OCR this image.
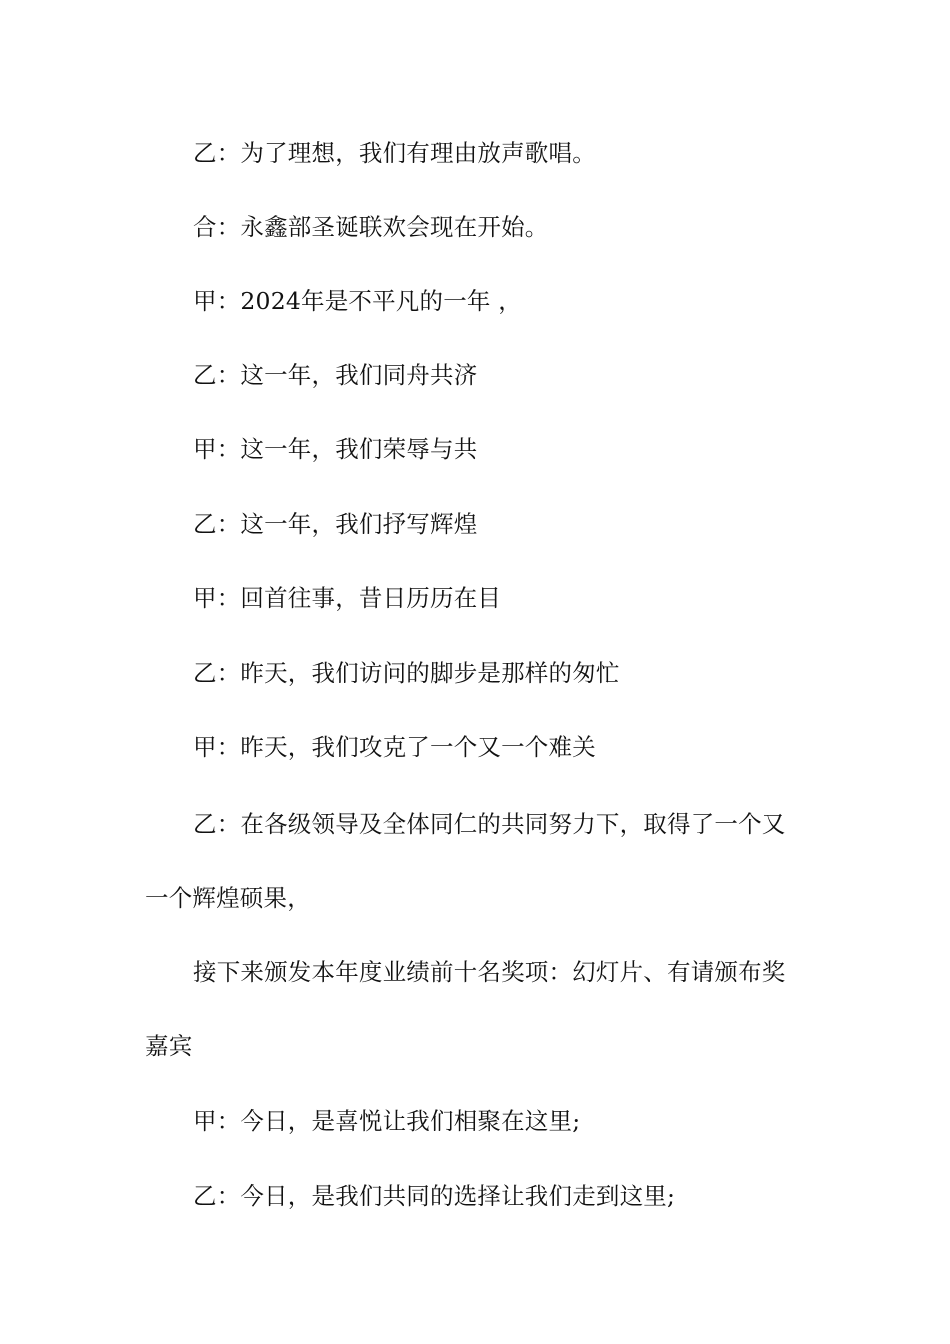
乙：为了理想，我们有理由放声歌唱。

合：永鑫部圣诞联欢会现在开始。

甲：2024年是不平凡的一年 ，

乙：这一年，我们同舟共济

甲：这一年，我们荣辱与共

乙：这一年，我们抒写辉煌

甲：回首往事，昔日历历在目

乙：昨天，我们访问的脚步是那样的匆忙

甲：昨天，我们攻克了一个又一个难关

乙：在各级领导及全体同仁的共同努力下，取得了一个又一个辉煌硕果，

接下来颁发本年度业绩前十名奖项：幻灯片、有请颁布奖嘉宾

甲：今日，是喜悦让我们相聚在这里;

乙：今日，是我们共同的选择让我们走到这里;
